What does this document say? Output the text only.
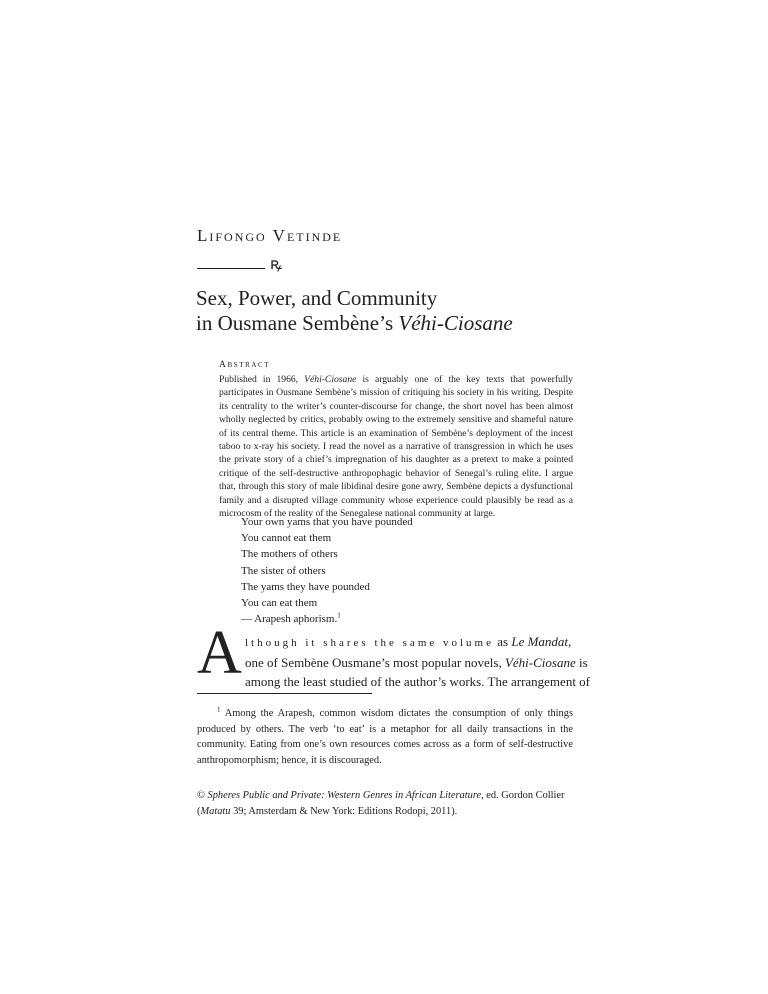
Lifongo Vetinde
ꝶ
Sex, Power, and Community
in Ousmane Sembène’s Véhi-Ciosane
Abstract
Published in 1966, Véhi-Ciosane is arguably one of the key texts that powerfully participates in Ousmane Sembène’s mission of critiquing his society in his writing. Despite its centrality to the writer’s counter-discourse for change, the short novel has been almost wholly neglected by critics, probably owing to the extremely sensitive and shameful nature of its central theme. This article is an examination of Sembène’s deployment of the incest taboo to x-ray his society. I read the novel as a narrative of transgression in which he uses the private story of a chief’s impregnation of his daughter as a pretext to make a pointed critique of the self-destructive anthropophagic behavior of Senegal’s ruling elite. I argue that, through this story of male libidinal desire gone awry, Sembène depicts a dysfunctional family and a disrupted village community whose experience could plausibly be read as a microcosm of the reality of the Senegalese national community at large.
Your own yams that you have pounded
You cannot eat them
The mothers of others
The sister of others
The yams they have pounded
You can eat them
— Arapesh aphorism.$^1$
A lthough it shares the same volume as Le Mandat,
one of Sembène Ousmane’s most popular novels, Véhi-Ciosane is
among the least studied of the author’s works. The arrangement of
$^1$ Among the Arapesh, common wisdom dictates the consumption of only things produced by others. The verb ‘to eat’ is a metaphor for all daily transactions in the community. Eating from one’s own resources comes across as a form of self-destructive anthropomorphism; hence, it is discouraged.
© Spheres Public and Private: Western Genres in African Literature, ed. Gordon Collier (Matatu 39; Amsterdam & New York: Editions Rodopi, 2011).
